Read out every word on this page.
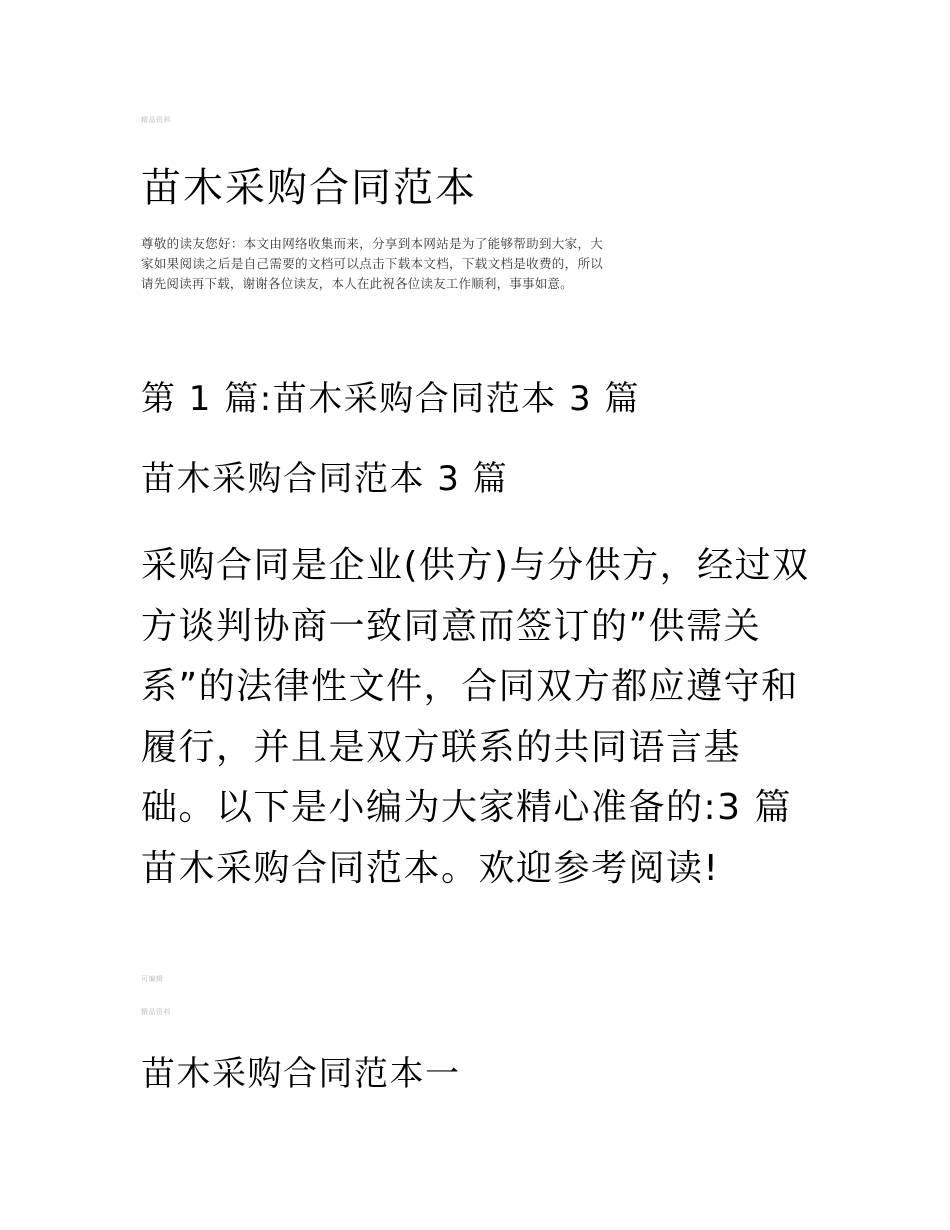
精品资料
苗木采购合同范本

尊敬的读友您好：本文由网络收集而来，分享到本网站是为了能够帮助到大家，大家如果阅读之后是自己需要的文档可以点击下载本文档，下载文档是收费的，所以请先阅读再下载，谢谢各位读友，本人在此祝各位读友工作顺利，事事如意。

第 1 篇:苗木采购合同范本 3 篇
苗木采购合同范本 3 篇

采购合同是企业(供方)与分供方，经过双方谈判协商一致同意而签订的”供需关系”的法律性文件，合同双方都应遵守和履行，并且是双方联系的共同语言基础。以下是小编为大家精心准备的:3 篇苗木采购合同范本。欢迎参考阅读!

可编辑
精品资料
苗木采购合同范本一
